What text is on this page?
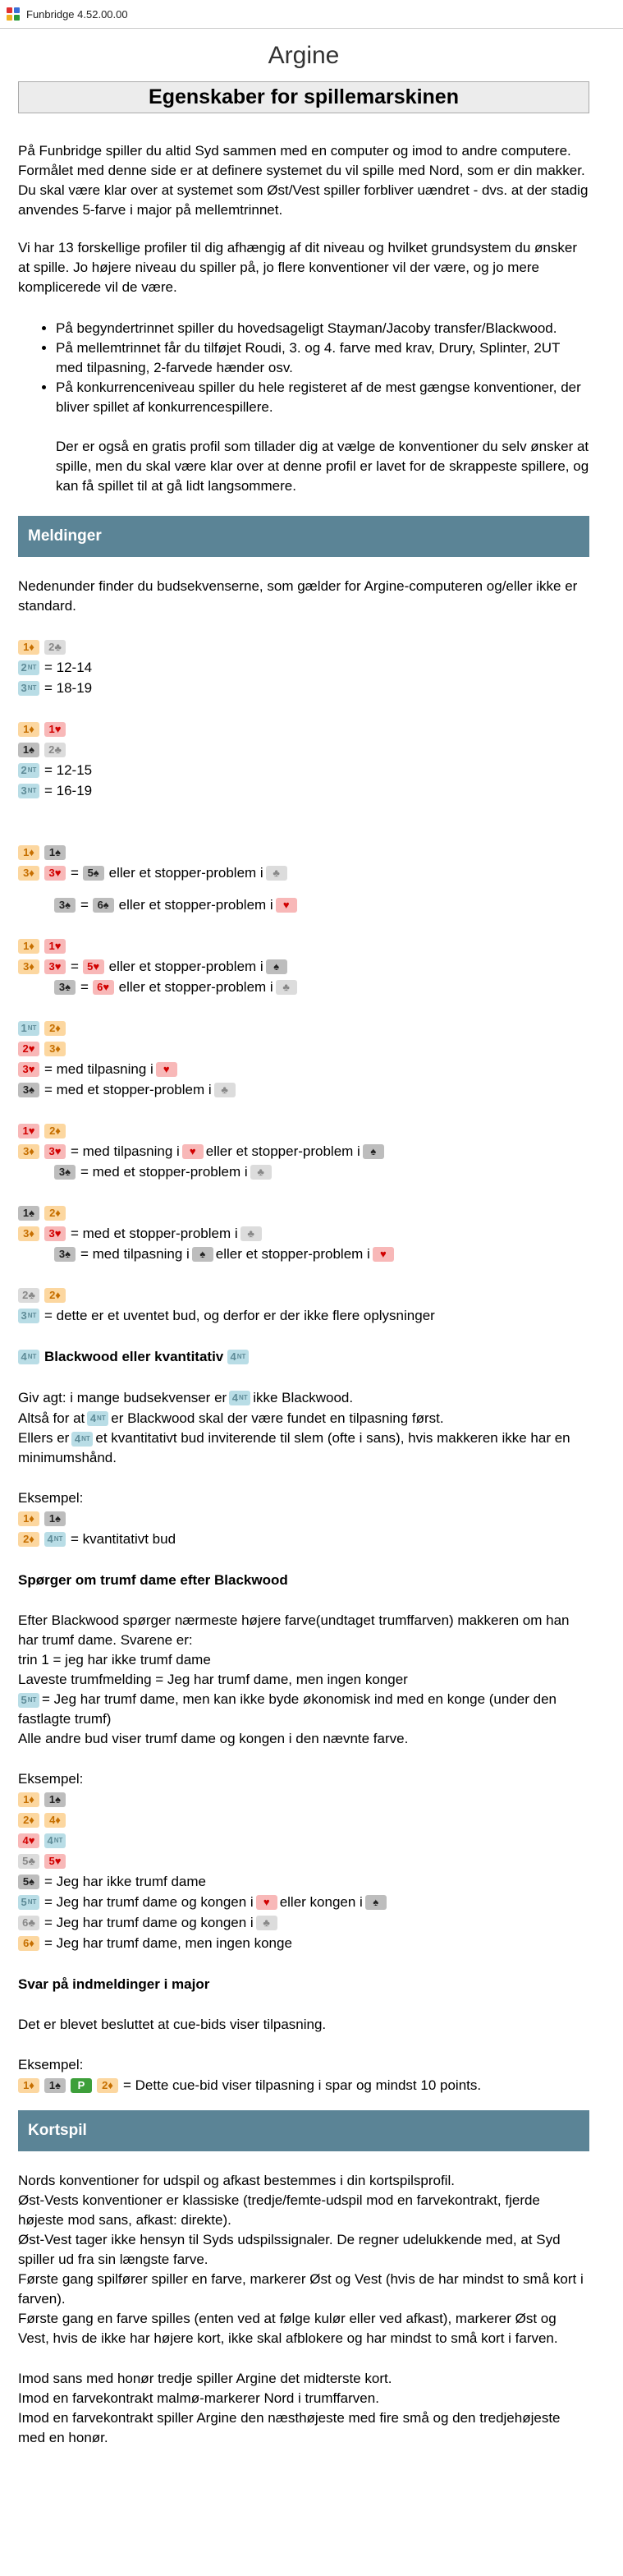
Funbridge 4.52.00.00
Argine
Egenskaber for spillemarskinen

På Funbridge spiller du altid Syd sammen med en computer og imod to andre computere. Formålet med denne side er at definere systemet du vil spille med Nord, som er din makker. Du skal være klar over at systemet som Øst/Vest spiller forbliver uændret - dvs. at der stadig anvendes 5-farve i major på mellemtrinnet.

Vi har 13 forskellige profiler til dig afhængig af dit niveau og hvilket grundsystem du ønsker at spille. Jo højere niveau du spiller på, jo flere konventioner vil der være, og jo mere komplicerede vil de være.

• På begyndertrinnet spiller du hovedsageligt Stayman/Jacoby transfer/Blackwood.
• På mellemtrinnet får du tilføjet Roudi, 3. og 4. farve med krav, Drury, Splinter, 2UT med tilpasning, 2-farvede hænder osv.
• På konkurrenceniveau spiller du hele registeret af de mest gængse konventioner, der bliver spillet af konkurrencespillere.

Der er også en gratis profil som tillader dig at vælge de konventioner du selv ønsker at spille, men du skal være klar over at denne profil er lavet for de skrappeste spillere, og kan få spillet til at gå lidt langsommere.

Meldinger

Nedenunder finder du budsekvenserne, som gælder for Argine-computeren og/eller ikke er standard.

1♦	2♣
2 NT = 12-14
3 NT = 18-19
1♦	1♥
1♠	2♣
2 NT = 12-15
3 NT = 16-19
1♦	1♠
3♦	3♥ = 5♠ eller et stopper-problem i ♣
3♠ = 6♠ eller et stopper-problem i ♥
1♦	1♥
3♦	3♥ = 5♥ eller et stopper-problem i ♠
3♠ = 6♥ eller et stopper-problem i ♣
1 NT	2♦
2♥	3♦
3♥ = med tilpasning i ♥
3♠ = med et stopper-problem i ♣
1♥	2♦
3♦	3♥ = med tilpasning i ♥ eller et stopper-problem i ♠
3♠ = med et stopper-problem i ♣
1♠	2♦
3♦	3♥ = med et stopper-problem i ♣
3♠ = med tilpasning i ♠ eller et stopper-problem i ♥
2♣	2♦
3 NT = dette er et uventet bud, og derfor er der ikke flere oplysninger
4 NT Blackwood eller kvantitativ
4 NT
Giv agt: i mange budsekvenser er 4 NT ikke Blackwood.
Altså for at 4 NT er Blackwood skal der være fundet en tilpasning først.

Ellers er 4 NT et kvantitativt bud inviterende til slem (ofte i sans), hvis makkeren ikke har en minimumshånd.

Eksempel:

1♦	1♠
2♦	4 NT = kvantitativt bud
Spørger om trumf dame efter Blackwood

Efter Blackwood spørger nærmeste højere farve(undtaget trumffarven) makkeren om han har trumf dame. Svarene er:

trin 1 = jeg har ikke trumf dame

Laveste trumfmelding = Jeg har trumf dame, men ingen konger

5 NT = Jeg har trumf dame, men kan ikke byde økonomisk ind med en konge (under den fastlagte trumf)

Alle andre bud viser trumf dame og kongen i den nævnte farve.

Eksempel:

1♦	1♠
2♦	4♦
4♥	4 NT
5♣	5♥
5♠ = Jeg har ikke trumf dame
5 NT = Jeg har trumf dame og kongen i ♥ eller kongen i ♠
6♣ = Jeg har trumf dame og kongen i ♣
6♦ = Jeg har trumf dame, men ingen konge
Svar på indmeldinger i major

Det er blevet besluttet at cue-bids viser tilpasning.

Eksempel:

1♦	1♠	P	2♦ = Dette cue-bid viser tilpasning i spar og mindst 10 points.
Kortspil

Nords konventioner for udspil og afkast bestemmes i din kortspilsprofil.

Øst-Vests konventioner er klassiske (tredje/femte-udspil mod en farvekontrakt, fjerde højeste mod sans, afkast: direkte).

Øst-Vest tager ikke hensyn til Syds udspilssignaler. De regner udelukkende med, at Syd spiller ud fra sin længste farve.

Første gang spilfører spiller en farve, markerer Øst og Vest (hvis de har mindst to små kort i farven).

Første gang en farve spilles (enten ved at følge kulør eller ved afkast), markerer Øst og Vest, hvis de ikke har højere kort, ikke skal afblokere og har mindst to små kort i farven.

Imod sans med honør tredje spiller Argine det midterste kort.

Imod en farvekontrakt malmø-markerer Nord i trumffarven.

Imod en farvekontrakt spiller Argine den næsthøjeste med fire små og den tredjehøjeste med en honør.
